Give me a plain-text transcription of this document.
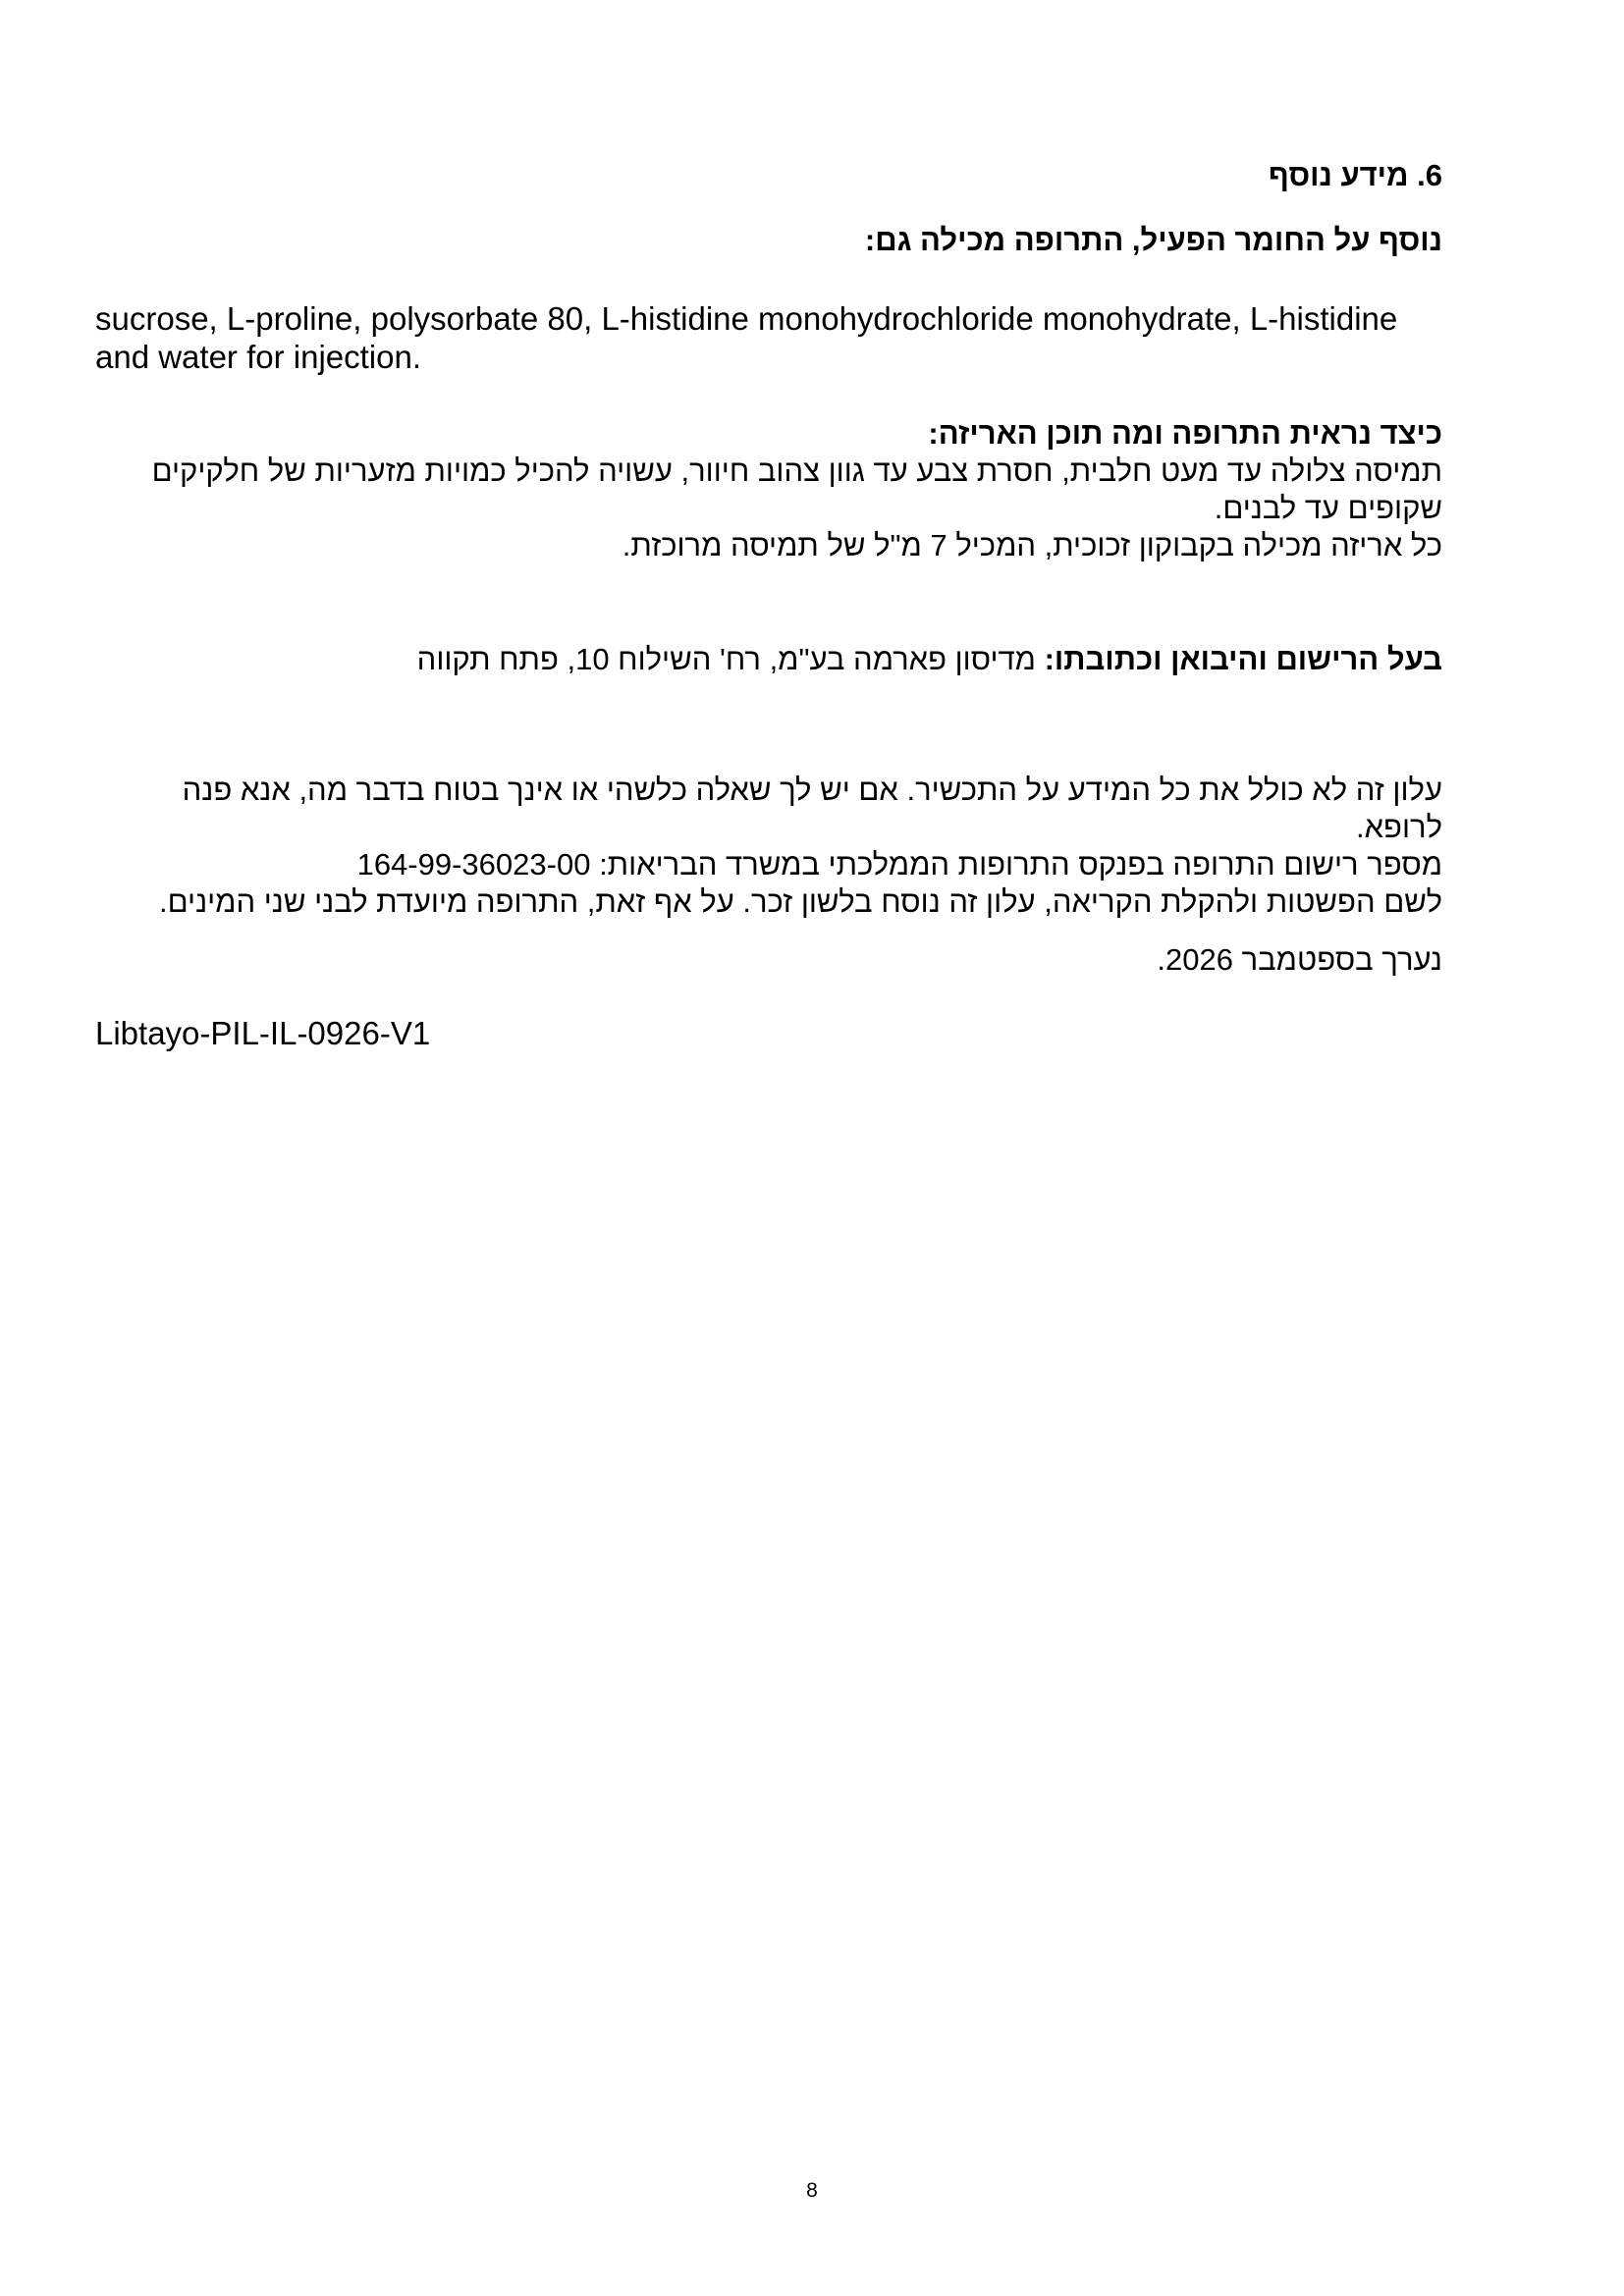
6. מידע נוסף

נוסף על החומר הפעיל, התרופה מכילה גם:

sucrose, L-proline, polysorbate 80, L-histidine monohydrochloride monohydrate, L-histidine and water for injection.

כיצד נראית התרופה ומה תוכן האריזה:

תמיסה צלולה עד מעט חלבית, חסרת צבע עד גוון צהוב חיוור, עשויה להכיל כמויות מזעריות של חלקיקים שקופים עד לבנים.

כל אריזה מכילה בקבוקון זכוכית, המכיל 7 מ"ל של תמיסה מרוכזת.

בעל הרישום והיבואן וכתובתו: מדיסון פארמה בע"מ, רח' השילוח 10, פתח תקווה

עלון זה לא כולל את כל המידע על התכשיר. אם יש לך שאלה כלשהי או אינך בטוח בדבר מה, אנא פנה לרופא.

מספר רישום התרופה בפנקס התרופות הממלכתי במשרד הבריאות: 164-99-36023-00

לשם הפשטות ולהקלת הקריאה, עלון זה נוסח בלשון זכר. על אף זאת, התרופה מיועדת לבני שני המינים.

נערך בספטמבר 2026.

Libtayo-PIL-IL-0926-V1

8
